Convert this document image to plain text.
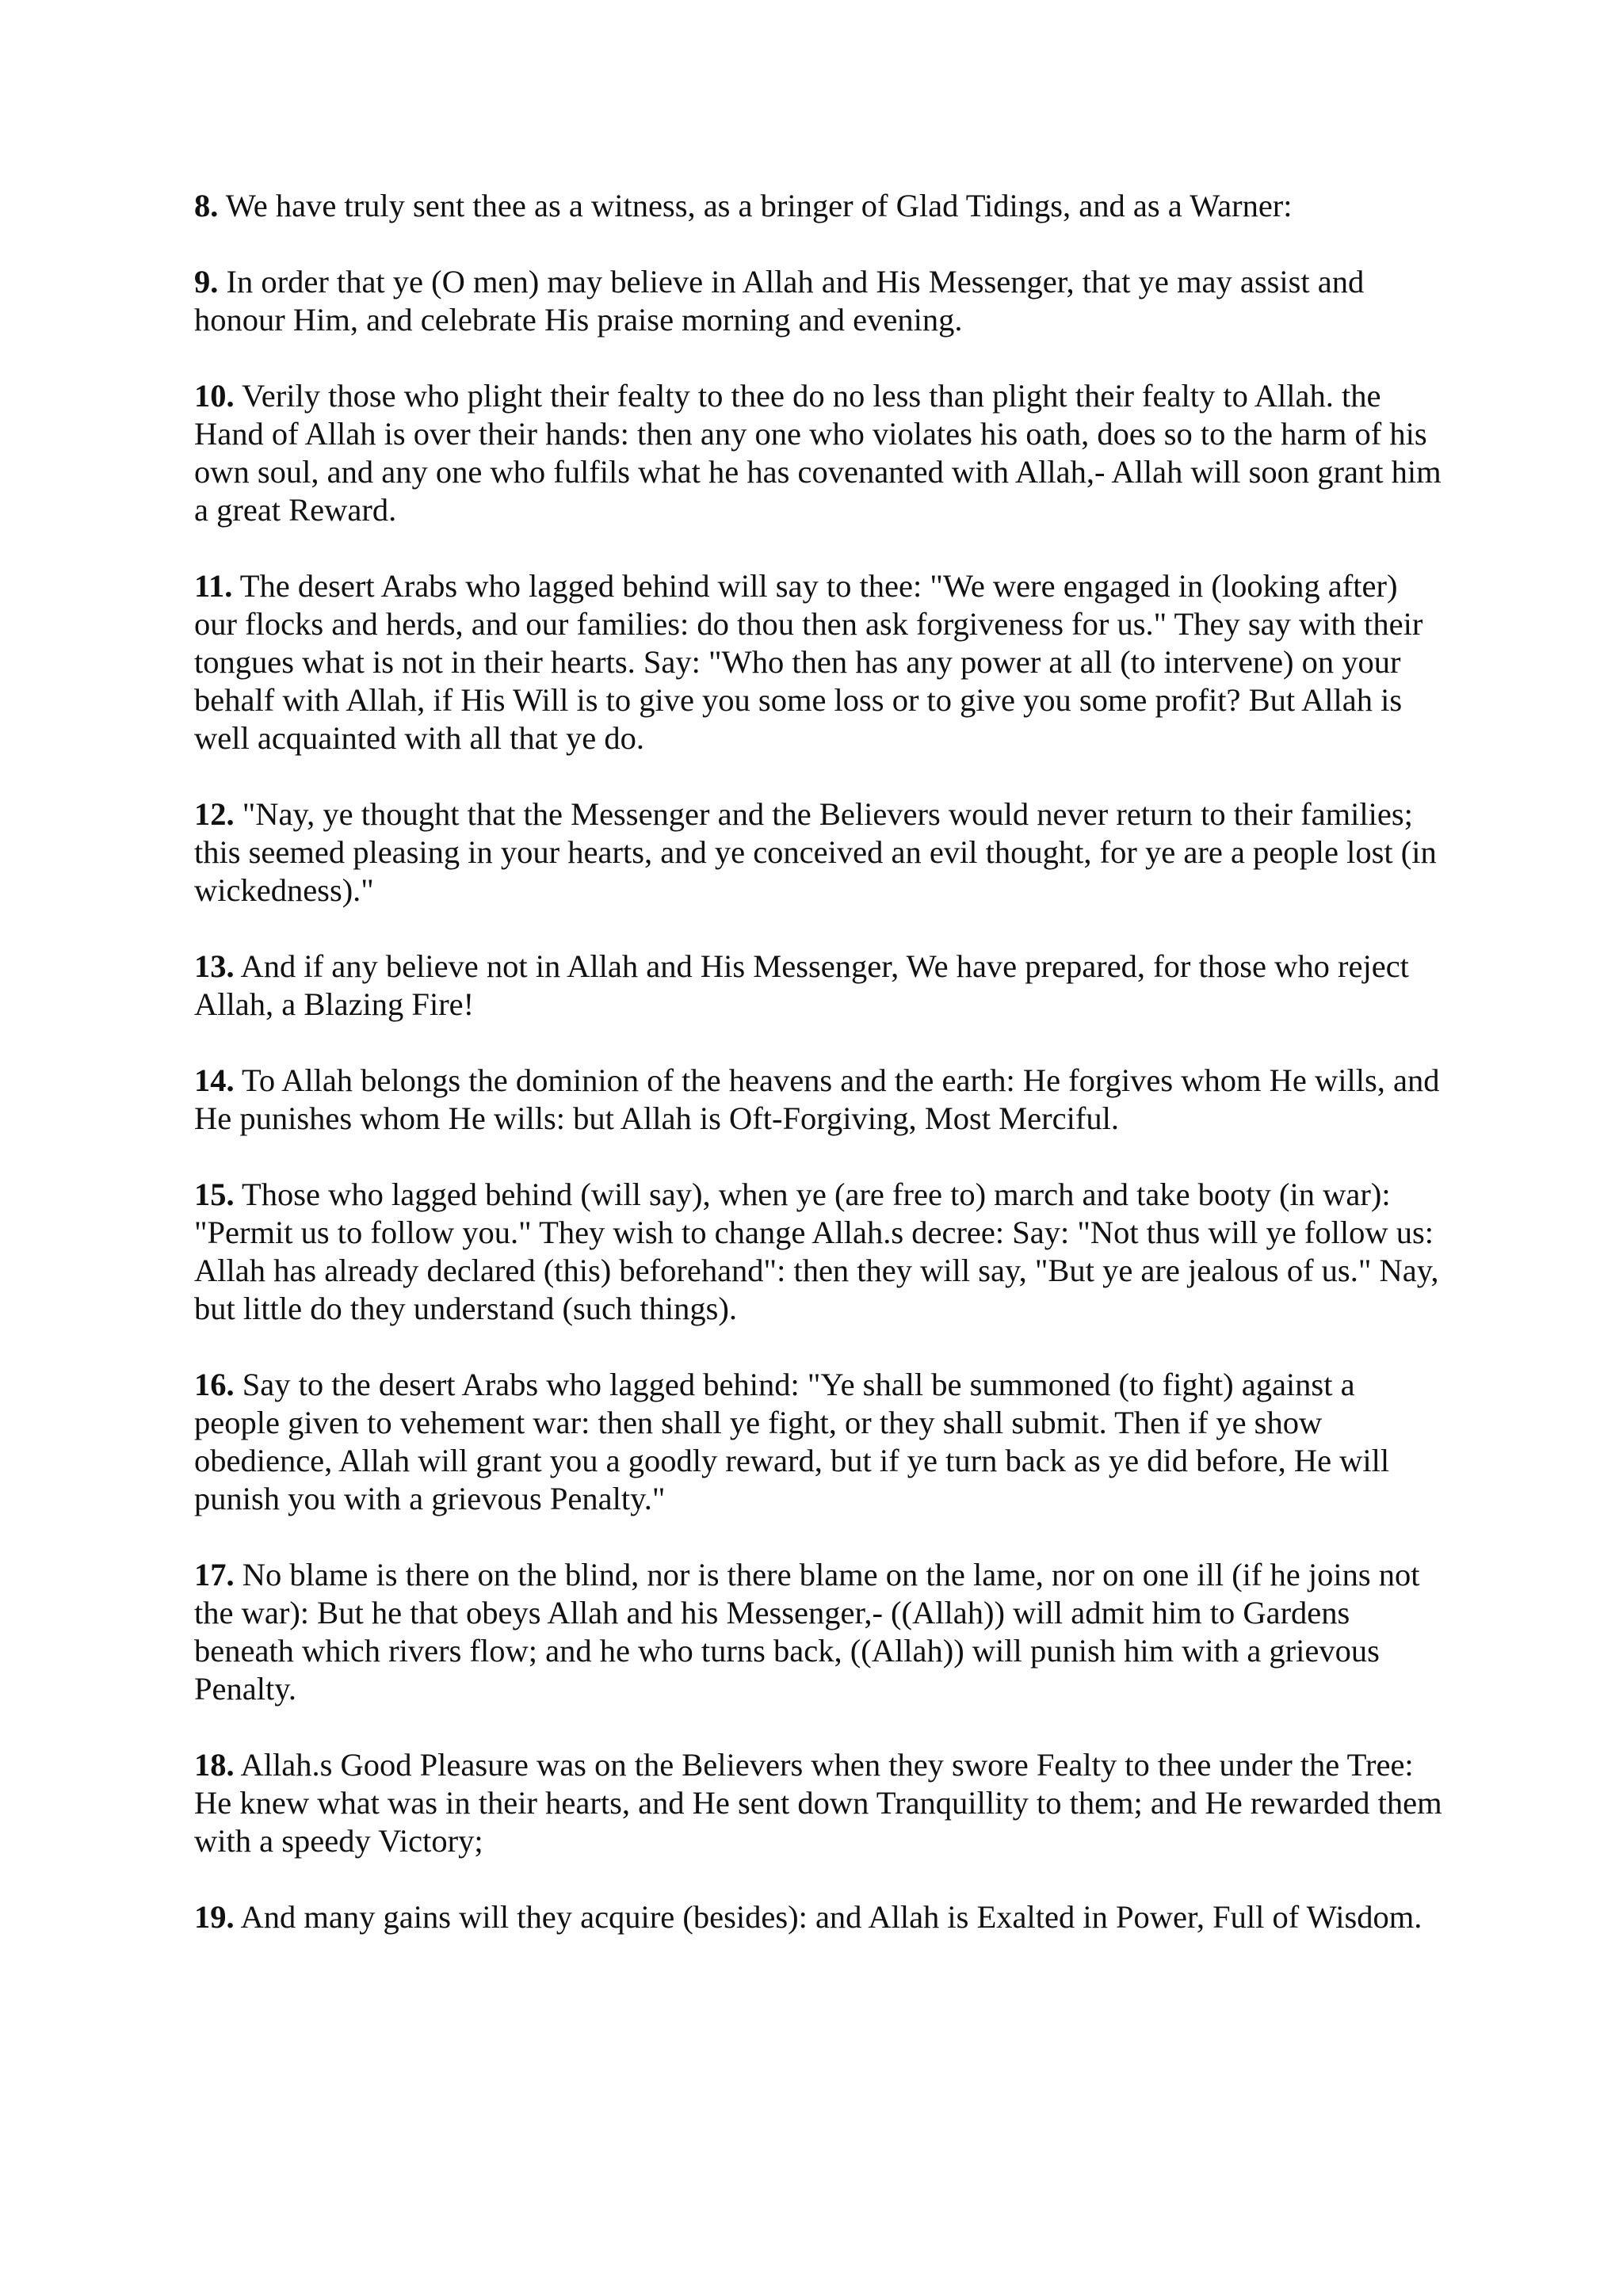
8. We have truly sent thee as a witness, as a bringer of Glad Tidings, and as a Warner:

9. In order that ye (O men) may believe in Allah and His Messenger, that ye may assist and honour Him, and celebrate His praise morning and evening.

10. Verily those who plight their fealty to thee do no less than plight their fealty to Allah. the Hand of Allah is over their hands: then any one who violates his oath, does so to the harm of his own soul, and any one who fulfils what he has covenanted with Allah,- Allah will soon grant him a great Reward.

11. The desert Arabs who lagged behind will say to thee: "We were engaged in (looking after) our flocks and herds, and our families: do thou then ask forgiveness for us." They say with their tongues what is not in their hearts. Say: "Who then has any power at all (to intervene) on your behalf with Allah, if His Will is to give you some loss or to give you some profit? But Allah is well acquainted with all that ye do.

12. "Nay, ye thought that the Messenger and the Believers would never return to their families; this seemed pleasing in your hearts, and ye conceived an evil thought, for ye are a people lost (in wickedness)."

13. And if any believe not in Allah and His Messenger, We have prepared, for those who reject Allah, a Blazing Fire!

14. To Allah belongs the dominion of the heavens and the earth: He forgives whom He wills, and He punishes whom He wills: but Allah is Oft-Forgiving, Most Merciful.

15. Those who lagged behind (will say), when ye (are free to) march and take booty (in war): "Permit us to follow you." They wish to change Allah.s decree: Say: "Not thus will ye follow us: Allah has already declared (this) beforehand": then they will say, "But ye are jealous of us." Nay, but little do they understand (such things).

16. Say to the desert Arabs who lagged behind: "Ye shall be summoned (to fight) against a people given to vehement war: then shall ye fight, or they shall submit. Then if ye show obedience, Allah will grant you a goodly reward, but if ye turn back as ye did before, He will punish you with a grievous Penalty."

17. No blame is there on the blind, nor is there blame on the lame, nor on one ill (if he joins not the war): But he that obeys Allah and his Messenger,- ((Allah)) will admit him to Gardens beneath which rivers flow; and he who turns back, ((Allah)) will punish him with a grievous Penalty.

18. Allah.s Good Pleasure was on the Believers when they swore Fealty to thee under the Tree: He knew what was in their hearts, and He sent down Tranquillity to them; and He rewarded them with a speedy Victory;

19. And many gains will they acquire (besides): and Allah is Exalted in Power, Full of Wisdom.
